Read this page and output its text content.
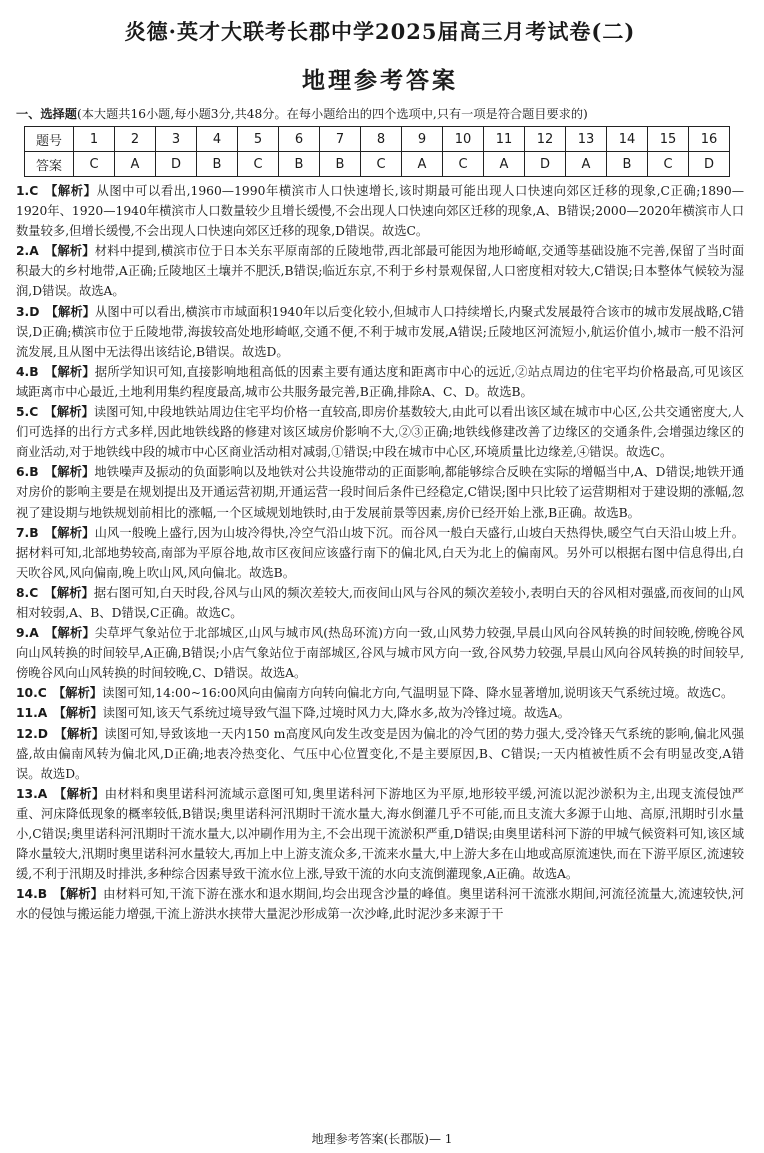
炎德·英才大联考长郡中学2025届高三月考试卷(二)
地理参考答案
一、选择题(本大题共16小题,每小题3分,共48分。在每小题给出的四个选项中,只有一项是符合题目要求的)
题号	1	2	3	4	5	6	7	8	9	10	11	12	13	14	15	16
答案	C	A	D	B	C	B	B	C	A	C	A	D	A	B	C	D

1.C  【解析】从图中可以看出,1960—1990年横滨市人口快速增长,该时期最可能出现人口快速向郊区迁移的现象,C正确;1890—1920年、1920—1940年横滨市人口数量较少且增长缓慢,不会出现人口快速向郊区迁移的现象,A、B错误;2000—2020年横滨市人口数量较多,但增长缓慢,不会出现人口快速向郊区迁移的现象,D错误。故选C。

2.A  【解析】材料中提到,横滨市位于日本关东平原南部的丘陵地带,西北部最可能因为地形崎岖,交通等基础设施不完善,保留了当时面积最大的乡村地带,A正确;丘陵地区土壤并不肥沃,B错误;临近东京,不利于乡村景观保留,人口密度相对较大,C错误;日本整体气候较为湿润,D错误。故选A。

3.D  【解析】从图中可以看出,横滨市市域面积1940年以后变化较小,但城市人口持续增长,内聚式发展最符合该市的城市发展战略,C错误,D正确;横滨市位于丘陵地带,海拔较高处地形崎岖,交通不便,不利于城市发展,A错误;丘陵地区河流短小,航运价值小,城市一般不沿河流发展,且从图中无法得出该结论,B错误。故选D。

4.B  【解析】据所学知识可知,直接影响地租高低的因素主要有通达度和距离市中心的远近,②站点周边的住宅平均价格最高,可见该区域距离市中心最近,土地利用集约程度最高,城市公共服务最完善,B正确,排除A、C、D。故选B。

5.C  【解析】读图可知,中段地铁站周边住宅平均价格一直较高,即房价基数较大,由此可以看出该区域在城市中心区,公共交通密度大,人们可选择的出行方式多样,因此地铁线路的修建对该区域房价影响不大,②③正确;地铁线修建改善了边缘区的交通条件,会增强边缘区的商业活动,对于地铁线中段的城市中心区商业活动相对减弱,①错误;中段在城市中心区,环境质量比边缘差,④错误。故选C。

6.B  【解析】地铁噪声及振动的负面影响以及地铁对公共设施带动的正面影响,都能够综合反映在实际的增幅当中,A、D错误;地铁开通对房价的影响主要是在规划提出及开通运营初期,开通运营一段时间后条件已经稳定,C错误;图中只比较了运营期相对于建设期的涨幅,忽视了建设期与地铁规划前相比的涨幅,一个区域规划地铁时,由于发展前景等因素,房价已经开始上涨,B正确。故选B。

7.B  【解析】山风一般晚上盛行,因为山坡冷得快,冷空气沿山坡下沉。而谷风一般白天盛行,山坡白天热得快,暖空气白天沿山坡上升。据材料可知,北部地势较高,南部为平原谷地,故市区夜间应该盛行南下的偏北风,白天为北上的偏南风。另外可以根据右图中信息得出,白天吹谷风,风向偏南,晚上吹山风,风向偏北。故选B。

8.C  【解析】据右图可知,白天时段,谷风与山风的频次差较大,而夜间山风与谷风的频次差较小,表明白天的谷风相对强盛,而夜间的山风相对较弱,A、B、D错误,C正确。故选C。

9.A  【解析】尖草坪气象站位于北部城区,山风与城市风(热岛环流)方向一致,山风势力较强,早晨山风向谷风转换的时间较晚,傍晚谷风向山风转换的时间较早,A正确,B错误;小店气象站位于南部城区,谷风与城市风方向一致,谷风势力较强,早晨山风向谷风转换的时间较早,傍晚谷风向山风转换的时间较晚,C、D错误。故选A。

10.C  【解析】读图可知,14:00~16:00风向由偏南方向转向偏北方向,气温明显下降、降水显著增加,说明该天气系统过境。故选C。

11.A  【解析】读图可知,该天气系统过境导致气温下降,过境时风力大,降水多,故为冷锋过境。故选A。

12.D  【解析】读图可知,导致该地一天内150 m高度风向发生改变是因为偏北的冷气团的势力强大,受冷锋天气系统的影响,偏北风强盛,故由偏南风转为偏北风,D正确;地表冷热变化、气压中心位置变化,不是主要原因,B、C错误;一天内植被性质不会有明显改变,A错误。故选D。

13.A  【解析】由材料和奥里诺科河流域示意图可知,奥里诺科河下游地区为平原,地形较平缓,河流以泥沙淤积为主,出现支流侵蚀严重、河床降低现象的概率较低,B错误;奥里诺科河汛期时干流水量大,海水倒灌几乎不可能,而且支流大多源于山地、高原,汛期时引水量小,C错误;奥里诺科河汛期时干流水量大,以冲刷作用为主,不会出现干流淤积严重,D错误;由奥里诺科河下游的甲城气候资料可知,该区域降水量较大,汛期时奥里诺科河水量较大,再加上中上游支流众多,干流来水量大,中上游大多在山地或高原流速快,而在下游平原区,流速较缓,不利于汛期及时排洪,多种综合因素导致干流水位上涨,导致干流的水向支流倒灌现象,A正确。故选A。

14.B  【解析】由材料可知,干流下游在涨水和退水期间,均会出现含沙量的峰值。奥里诺科河干流涨水期间,河流径流量大,流速较快,河水的侵蚀与搬运能力增强,干流上游洪水挟带大量泥沙形成第一次沙峰,此时泥沙多来源于干

地理参考答案(长郡版)— 1
